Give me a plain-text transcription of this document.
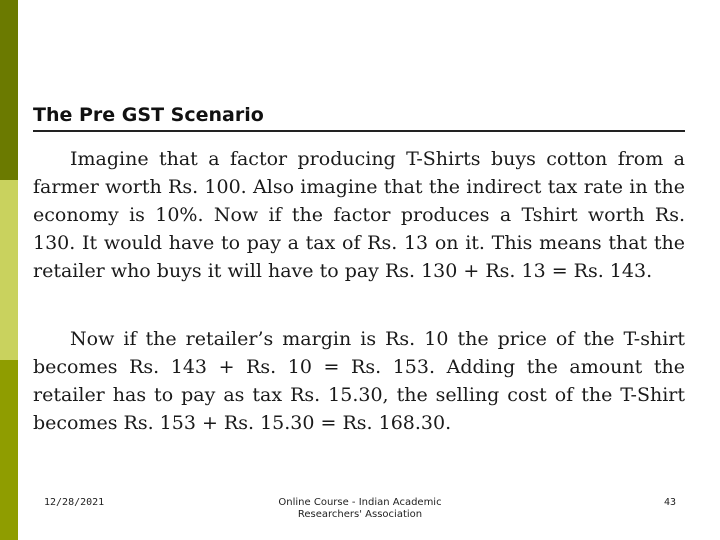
The Pre GST Scenario

Imagine that a factor producing T-Shirts buys cotton from a farmer worth Rs. 100. Also imagine that the indirect tax rate in the economy is 10%. Now if the factor produces a Tshirt worth Rs. 130. It would have to pay a tax of Rs. 13 on it. This means that the retailer who buys it will have to pay Rs. 130 + Rs. 13 = Rs. 143.

Now if the retailer’s margin is Rs. 10 the price of the T-shirt becomes Rs. 143 + Rs. 10 = Rs. 153. Adding the amount the retailer has to pay as tax Rs. 15.30, the selling cost of the T-Shirt becomes Rs. 153 + Rs. 15.30 = Rs. 168.30.

12/28/2021	Online Course - Indian Academic Researchers' Association
43
